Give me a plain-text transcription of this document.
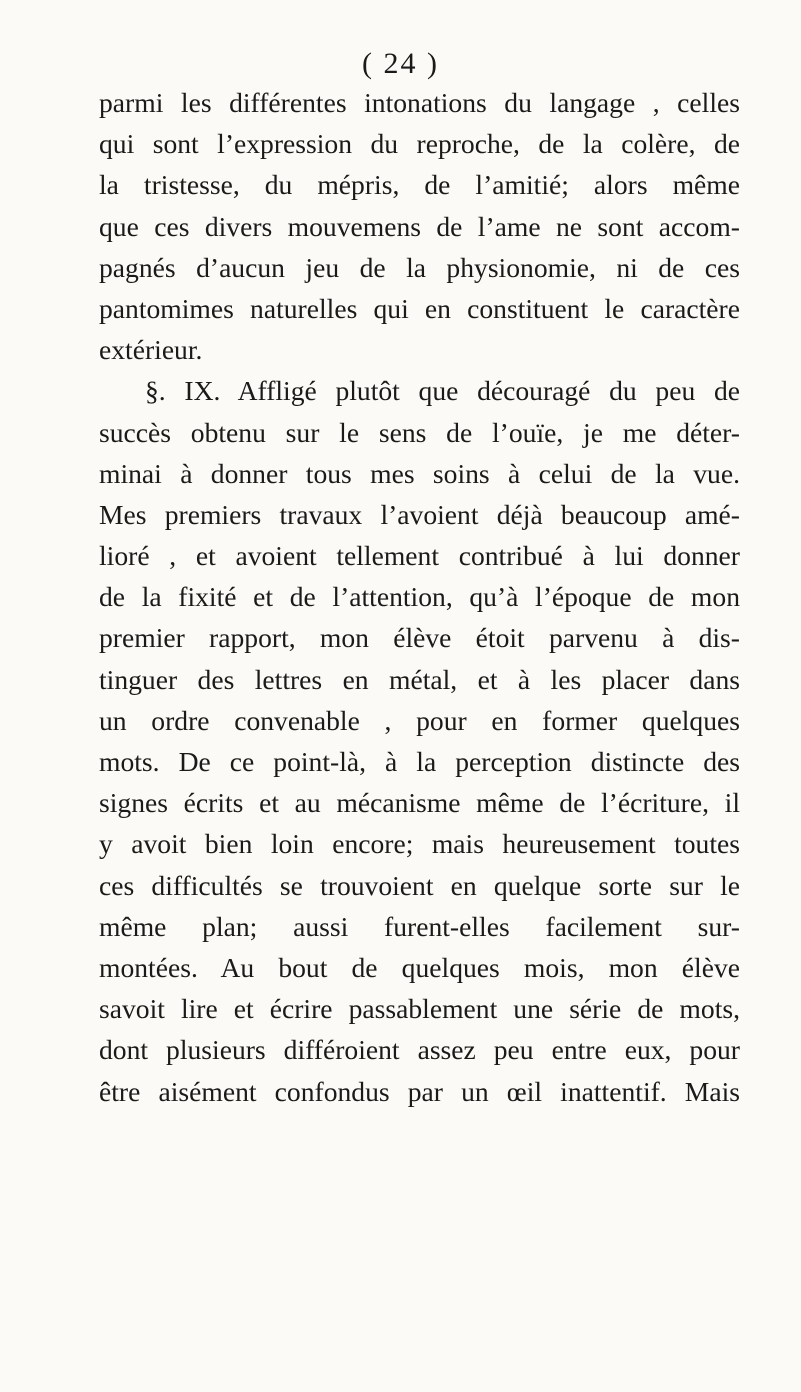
( 24 )
parmi les différentes intonations du langage , celles
qui sont l’expression du reproche, de la colère, de
la tristesse, du mépris, de l’amitié; alors même
que ces divers mouvemens de l’ame ne sont accom-
pagnés d’aucun jeu de la physionomie, ni de ces
pantomimes naturelles qui en constituent le caractère
extérieur.
§. IX. Affligé plutôt que découragé du peu de
succès obtenu sur le sens de l’ouïe, je me déter-
minai à donner tous mes soins à celui de la vue.
Mes premiers travaux l’avoient déjà beaucoup amé-
lioré , et avoient tellement contribué à lui donner
de la fixité et de l’attention, qu’à l’époque de mon
premier rapport, mon élève étoit parvenu à dis-
tinguer des lettres en métal, et à les placer dans
un ordre convenable , pour en former quelques
mots. De ce point-là, à la perception distincte des
signes écrits et au mécanisme même de l’écriture, il
y avoit bien loin encore; mais heureusement toutes
ces difficultés se trouvoient en quelque sorte sur le
même plan; aussi furent-elles facilement sur-
montées. Au bout de quelques mois, mon élève
savoit lire et écrire passablement une série de mots,
dont plusieurs différoient assez peu entre eux, pour
être aisément confondus par un œil inattentif. Mais
